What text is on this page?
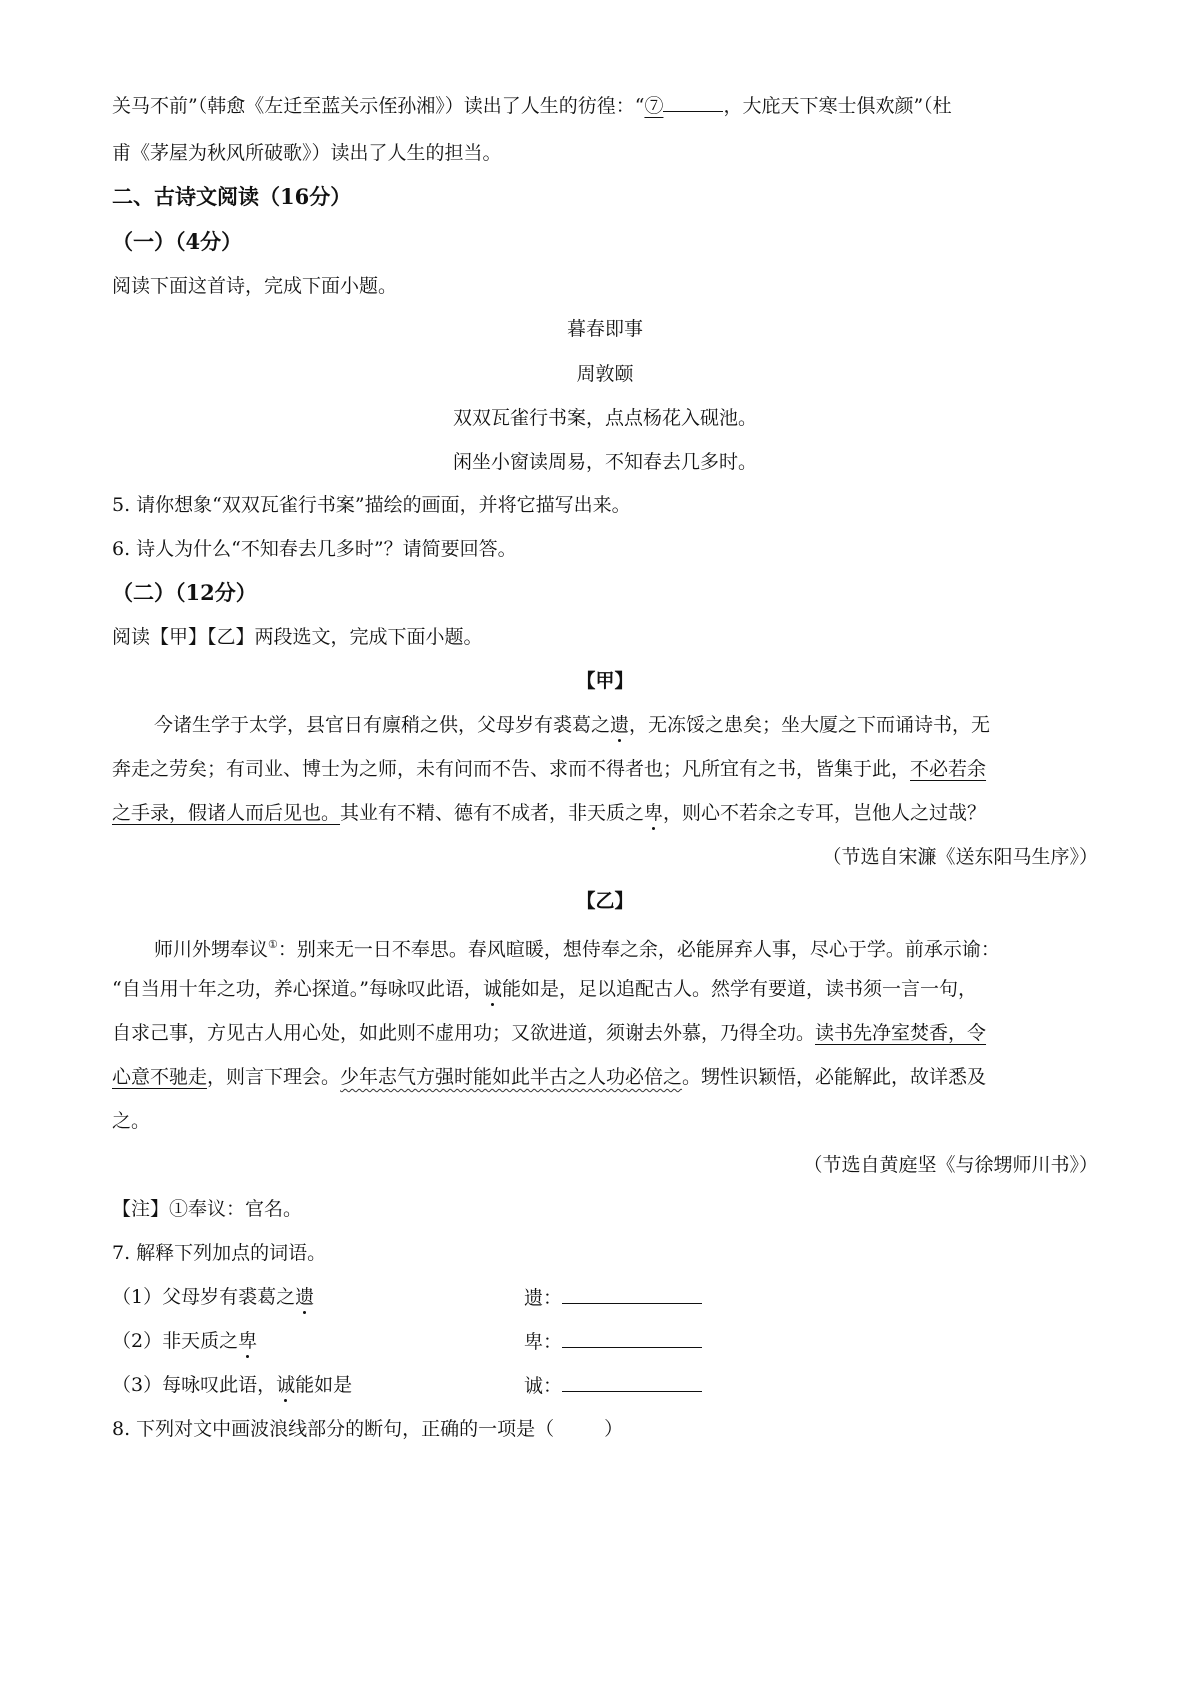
关马不前”（韩愈《左迁至蓝关示侄孙湘》）读出了人生的彷徨：“⑦	，大庇天下寒士俱欢颜”（杜
甫《茅屋为秋风所破歌》）读出了人生的担当。
二、古诗文阅读（16分）
（一）（4分）
阅读下面这首诗，完成下面小题。
暮春即事
周敦颐
双双瓦雀行书案，点点杨花入砚池。
闲坐小窗读周易，不知春去几多时。
5. 请你想象“双双瓦雀行书案”描绘的画面，并将它描写出来。
6. 诗人为什么“不知春去几多时”？请简要回答。
（二）（12分）
阅读【甲】【乙】两段选文，完成下面小题。
【甲】
今诸生学于太学，县官日有廪稍之供，父母岁有裘葛之遗，无冻馁之患矣；坐大厦之下而诵诗书，无
奔走之劳矣；有司业、博士为之师，未有问而不告、求而不得者也；凡所宜有之书，皆集于此，不必若余
之手录，假诸人而后见也。其业有不精、德有不成者，非天质之卑，则心不若余之专耳，岂他人之过哉？
（节选自宋濂《送东阳马生序》）
【乙】
师川外甥奉议①：别来无一日不奉思。春风暄暖，想侍奉之余，必能屏弃人事，尽心于学。前承示谕：
“自当用十年之功，养心探道。”每咏叹此语，诚能如是，足以追配古人。然学有要道，读书须一言一句，
自求己事，方见古人用心处，如此则不虚用功；又欲进道，须谢去外慕，乃得全功。读书先净室焚香，令
心意不驰走，则言下理会。少年志气方强时能如此半古之人功必倍之。甥性识颖悟，必能解此，故详悉及
之。
（节选自黄庭坚《与徐甥师川书》）
【注】①奉议：官名。
7. 解释下列加点的词语。
（1）父母岁有裘葛之遗	遗：
（2）非天质之卑	卑：
（3）每咏叹此语，诚能如是	诚：
8. 下列对文中画波浪线部分的断句，正确的一项是（	）
